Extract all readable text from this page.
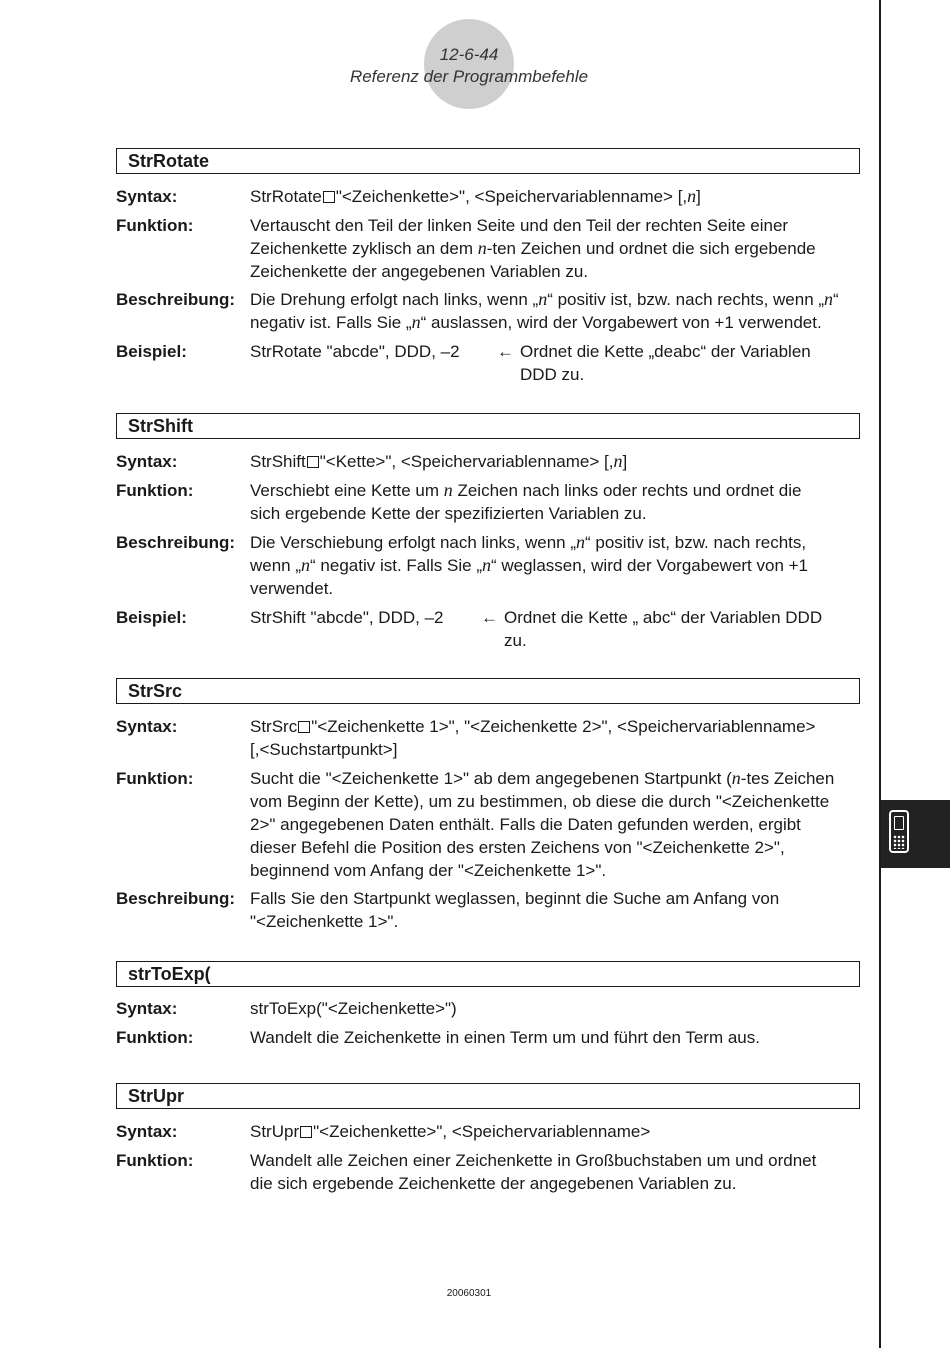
12-6-44
Referenz der Programmbefehle
StrRotate
Syntax:	StrRotate "<Zeichenkette>", <Speichervariablenname> [,n]
Funktion:	Vertauscht den Teil der linken Seite und den Teil der rechten Seite einer
Zeichenkette zyklisch an dem n-ten Zeichen und ordnet die sich ergebende
Zeichenkette der angegebenen Variablen zu.
Beschreibung: Die Drehung erfolgt nach links, wenn „n“ positiv ist, bzw. nach rechts, wenn „n“
negativ ist. Falls Sie „n“ auslassen, wird der Vorgabewert von +1 verwendet.
Beispiel:	StrRotate "abcde", DDD, –2 ← Ordnet die Kette „deabc“ der Variablen
DDD zu.
StrShift
Syntax:	StrShift "<Kette>", <Speichervariablenname> [,n]
Funktion:	Verschiebt eine Kette um n Zeichen nach links oder rechts und ordnet die
sich ergebende Kette der spezifizierten Variablen zu.
Beschreibung: Die Verschiebung erfolgt nach links, wenn „n“ positiv ist, bzw. nach rechts,
wenn „n“ negativ ist. Falls Sie „n“ weglassen, wird der Vorgabewert von +1
verwendet.
Beispiel:	StrShift "abcde", DDD, –2 ← Ordnet die Kette „ abc“ der Variablen DDD
zu.
StrSrc
Syntax:	StrSrc "<Zeichenkette 1>", "<Zeichenkette 2>", <Speichervariablenname>
[,<Suchstartpunkt>]
Funktion:	Sucht die "<Zeichenkette 1>" ab dem angegebenen Startpunkt (n-tes Zeichen
vom Beginn der Kette), um zu bestimmen, ob diese die durch "<Zeichenkette
2>" angegebenen Daten enthält. Falls die Daten gefunden werden, ergibt
dieser Befehl die Position des ersten Zeichens von "<Zeichenkette 2>",
beginnend vom Anfang der "<Zeichenkette 1>".
Beschreibung: Falls Sie den Startpunkt weglassen, beginnt die Suche am Anfang von
"<Zeichenkette 1>".
strToExp(
Syntax:	strToExp("<Zeichenkette>")
Funktion:	Wandelt die Zeichenkette in einen Term um und führt den Term aus.
StrUpr
Syntax:	StrUpr "<Zeichenkette>", <Speichervariablenname>
Funktion:	Wandelt alle Zeichen einer Zeichenkette in Großbuchstaben um und ordnet
die sich ergebende Zeichenkette der angegebenen Variablen zu.
20060301
